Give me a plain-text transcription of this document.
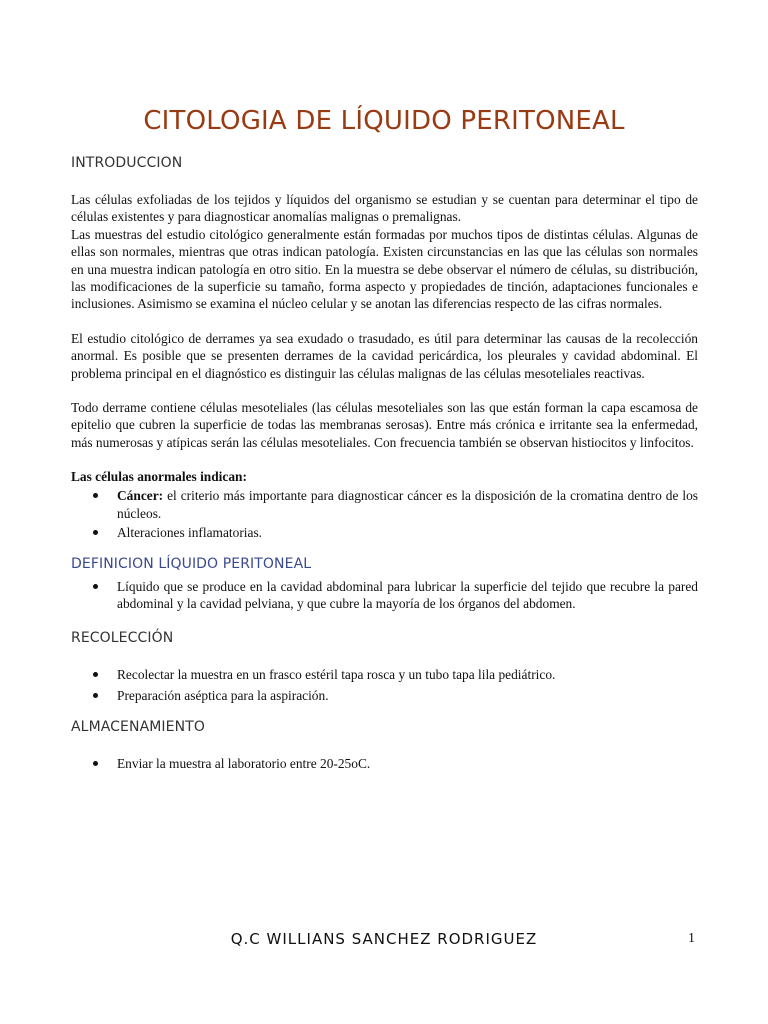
CITOLOGIA DE LÍQUIDO PERITONEAL
INTRODUCCION

Las células exfoliadas de los tejidos y líquidos del organismo se estudian y se cuentan para determinar el tipo de células existentes y para diagnosticar anomalías malignas o premalignas.

Las muestras del estudio citológico generalmente están formadas por muchos tipos de distintas células. Algunas de ellas son normales, mientras que otras indican patología. Existen circunstancias en las que las células son normales en una muestra indican patología en otro sitio. En la muestra se debe observar el número de células, su distribución, las modificaciones de la superficie su tamaño, forma aspecto y propiedades de tinción, adaptaciones funcionales e inclusiones. Asimismo se examina el núcleo celular y se anotan las diferencias respecto de las cifras normales.

El estudio citológico de derrames ya sea exudado o trasudado, es útil para determinar las causas de la recolección anormal. Es posible que se presenten derrames de la cavidad pericárdica, los pleurales y cavidad abdominal. El problema principal en el diagnóstico es distinguir las células malignas de las células mesoteliales reactivas.

Todo derrame contiene células mesoteliales (las células mesoteliales son las que están forman la capa escamosa de epitelio que cubren la superficie de todas las membranas serosas). Entre más crónica e irritante sea la enfermedad, más numerosas y atípicas serán las células mesoteliales. Con frecuencia también se observan histiocitos y linfocitos.

Las células anormales indican:

Cáncer: el criterio más importante para diagnosticar cáncer es la disposición de la cromatina dentro de los núcleos.
Alteraciones inflamatorias.
DEFINICION LÍQUIDO PERITONEAL
Líquido que se produce en la cavidad abdominal para lubricar la superficie del tejido que recubre la pared abdominal y la cavidad pelviana, y que cubre la mayoría de los órganos del abdomen.
RECOLECCIÓN
Recolectar la muestra en un frasco estéril tapa rosca y un tubo tapa lila pediátrico.
Preparación aséptica para la aspiración.
ALMACENAMIENTO
Enviar la muestra al laboratorio entre 20-25oC.
Q.C WILLIANS SANCHEZ RODRIGUEZ	1
